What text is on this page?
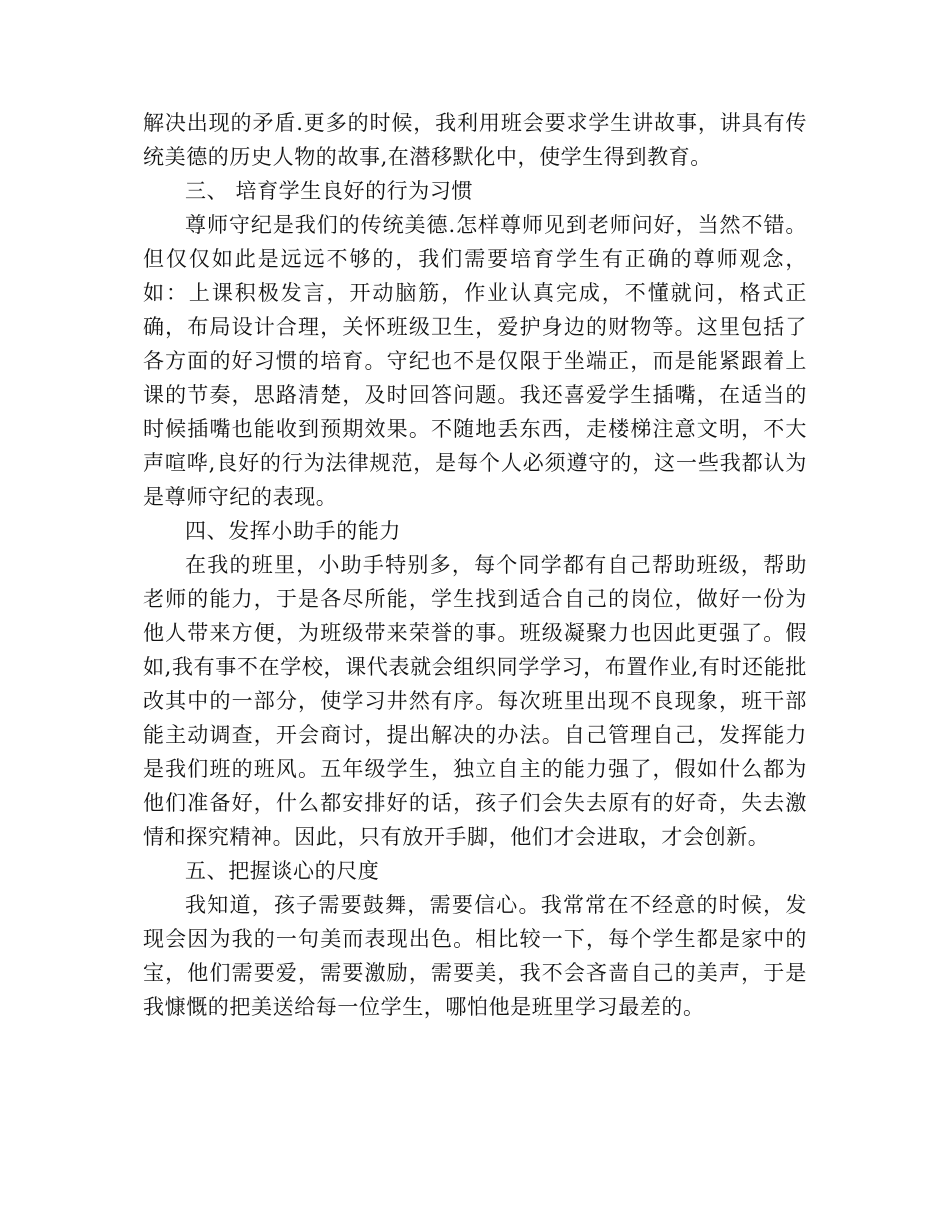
解决出现的矛盾.更多的时候，我利用班会要求学生讲故事，讲具有传统美德的历史人物的故事,在潜移默化中，使学生得到教育。

三、 培育学生良好的行为习惯

尊师守纪是我们的传统美德.怎样尊师见到老师问好，当然不错。但仅仅如此是远远不够的，我们需要培育学生有正确的尊师观念，如：上课积极发言，开动脑筋，作业认真完成，不懂就问，格式正确，布局设计合理，关怀班级卫生，爱护身边的财物等。这里包括了各方面的好习惯的培育。守纪也不是仅限于坐端正，而是能紧跟着上课的节奏，思路清楚，及时回答问题。我还喜爱学生插嘴，在适当的时候插嘴也能收到预期效果。不随地丢东西，走楼梯注意文明，不大声喧哗,良好的行为法律规范，是每个人必须遵守的，这一些我都认为是尊师守纪的表现。

四、发挥小助手的能力

在我的班里，小助手特别多，每个同学都有自己帮助班级，帮助老师的能力，于是各尽所能，学生找到适合自己的岗位，做好一份为他人带来方便，为班级带来荣誉的事。班级凝聚力也因此更强了。假如,我有事不在学校，课代表就会组织同学学习，布置作业,有时还能批改其中的一部分，使学习井然有序。每次班里出现不良现象，班干部能主动调查，开会商讨，提出解决的办法。自己管理自己，发挥能力是我们班的班风。五年级学生，独立自主的能力强了，假如什么都为他们准备好，什么都安排好的话，孩子们会失去原有的好奇，失去激情和探究精神。因此，只有放开手脚，他们才会进取，才会创新。

五、把握谈心的尺度

我知道，孩子需要鼓舞，需要信心。我常常在不经意的时候，发现会因为我的一句美而表现出色。相比较一下，每个学生都是家中的宝，他们需要爱，需要激励，需要美，我不会吝啬自己的美声，于是我慷慨的把美送给每一位学生，哪怕他是班里学习最差的。
